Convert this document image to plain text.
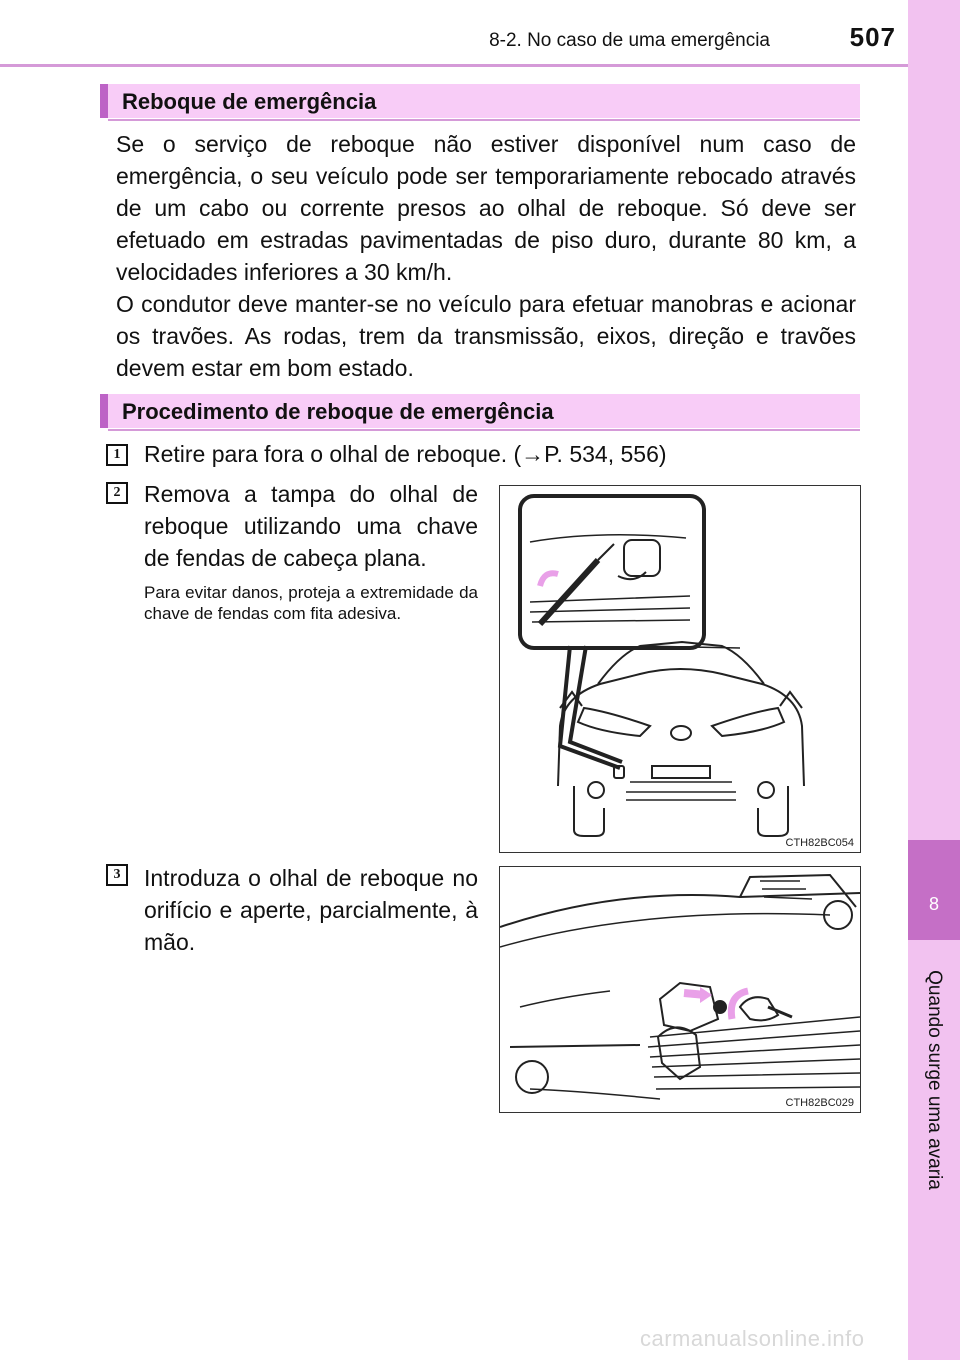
8-2. No caso de uma emergência	507
8
Quando surge uma avaria
Reboque de emergência

Se o serviço de reboque não estiver disponível num caso de emergência, o seu veículo pode ser temporariamente rebocado através de um cabo ou corrente presos ao olhal de reboque. Só deve ser efetuado em estradas pavimentadas de piso duro, durante 80 km, a velocidades inferiores a 30 km/h.

O condutor deve manter-se no veículo para efetuar manobras e acionar os travões. As rodas, trem da transmissão, eixos, direção e travões devem estar em bom estado.

Procedimento de reboque de emergência
1	Retire para fora o olhal de reboque. (→P. 534, 556)
2	Remova a tampa do olhal de reboque utilizando uma chave de fendas de cabeça plana.
Para evitar danos, proteja a extremidade da chave de fendas com fita adesiva.
CTH82BC054
3	Introduza o olhal de reboque no orifício e aperte, parcialmente, à mão.
CTH82BC029
carmanualsonline.info
